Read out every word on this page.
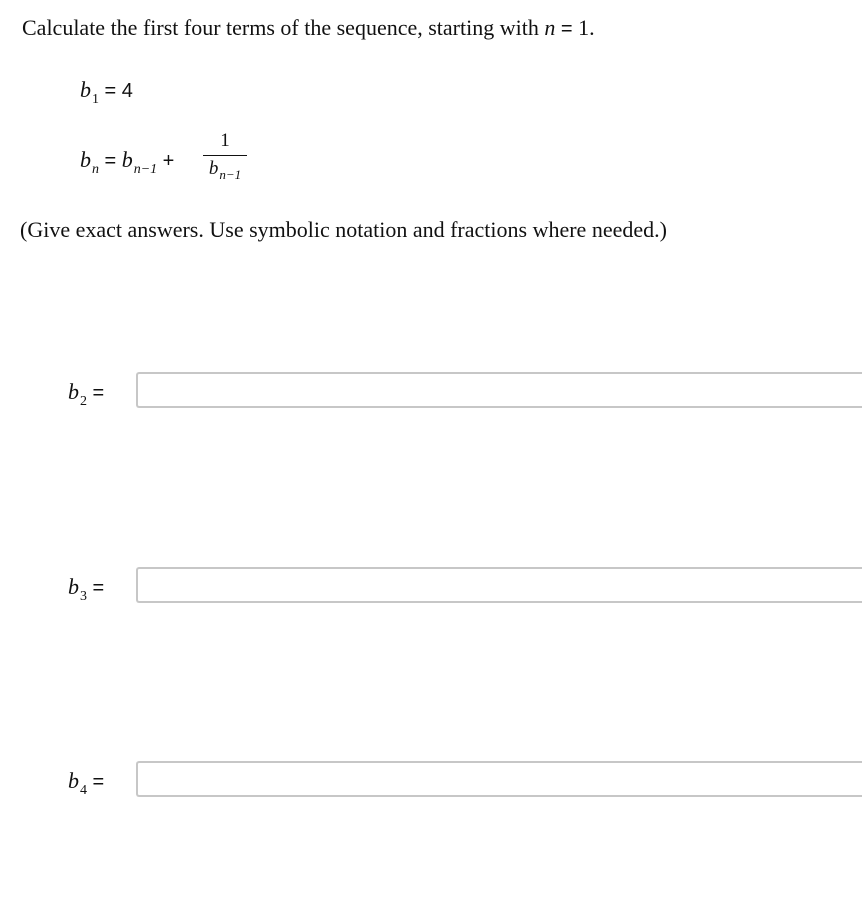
Calculate the first four terms of the sequence, starting with n = 1.
$b_1 = 4$
$b_n = b_{n-1}$ +
1
$b_{n-1}$
(Give exact answers. Use symbolic notation and fractions where needed.)
$b_2$ =
$b_3$ =
$b_4$ =
